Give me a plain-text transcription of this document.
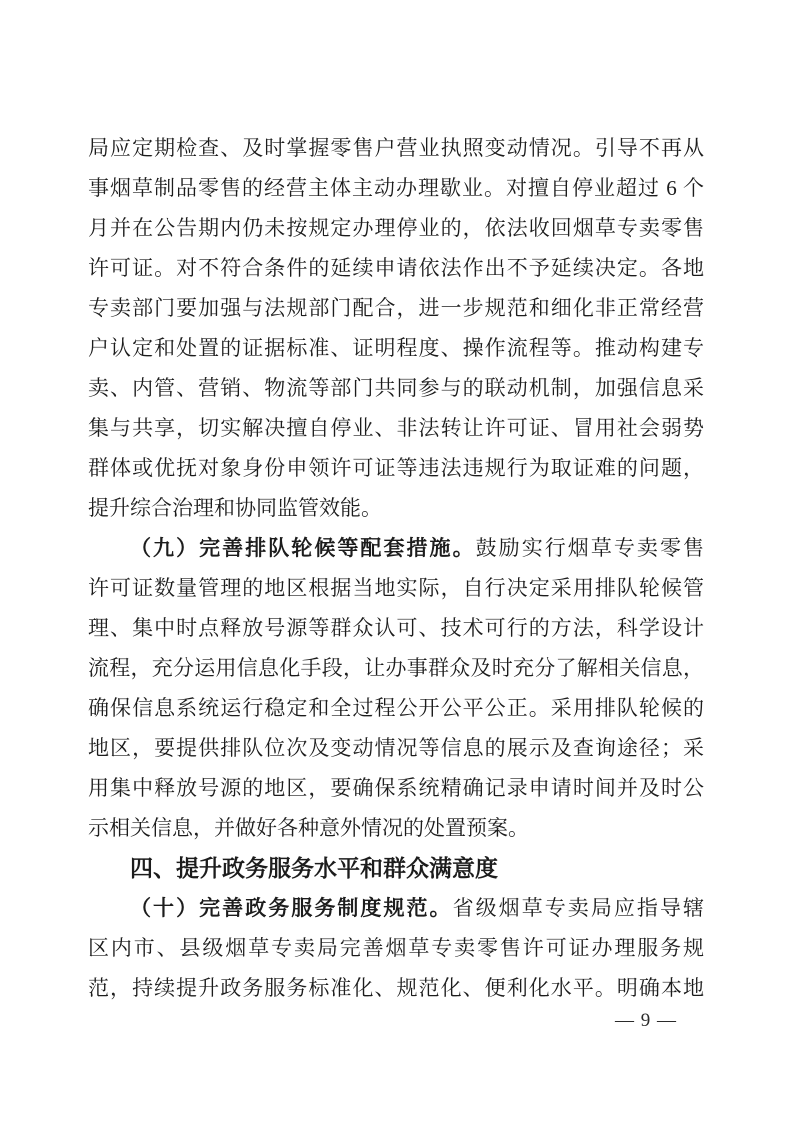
局应定期检查、及时掌握零售户营业执照变动情况。引导不再从
事烟草制品零售的经营主体主动办理歇业。对擅自停业超过 6 个
月并在公告期内仍未按规定办理停业的，依法收回烟草专卖零售
许可证。对不符合条件的延续申请依法作出不予延续决定。各地
专卖部门要加强与法规部门配合，进一步规范和细化非正常经营
户认定和处置的证据标准、证明程度、操作流程等。推动构建专
卖、内管、营销、物流等部门共同参与的联动机制，加强信息采
集与共享，切实解决擅自停业、非法转让许可证、冒用社会弱势
群体或优抚对象身份申领许可证等违法违规行为取证难的问题，
提升综合治理和协同监管效能。
（九）完善排队轮候等配套措施。鼓励实行烟草专卖零售
许可证数量管理的地区根据当地实际，自行决定采用排队轮候管
理、集中时点释放号源等群众认可、技术可行的方法，科学设计
流程，充分运用信息化手段，让办事群众及时充分了解相关信息，
确保信息系统运行稳定和全过程公开公平公正。采用排队轮候的
地区，要提供排队位次及变动情况等信息的展示及查询途径；采
用集中释放号源的地区，要确保系统精确记录申请时间并及时公
示相关信息，并做好各种意外情况的处置预案。
四、提升政务服务水平和群众满意度
（十）完善政务服务制度规范。省级烟草专卖局应指导辖
区内市、县级烟草专卖局完善烟草专卖零售许可证办理服务规
范，持续提升政务服务标准化、规范化、便利化水平。明确本地
— 9 —
